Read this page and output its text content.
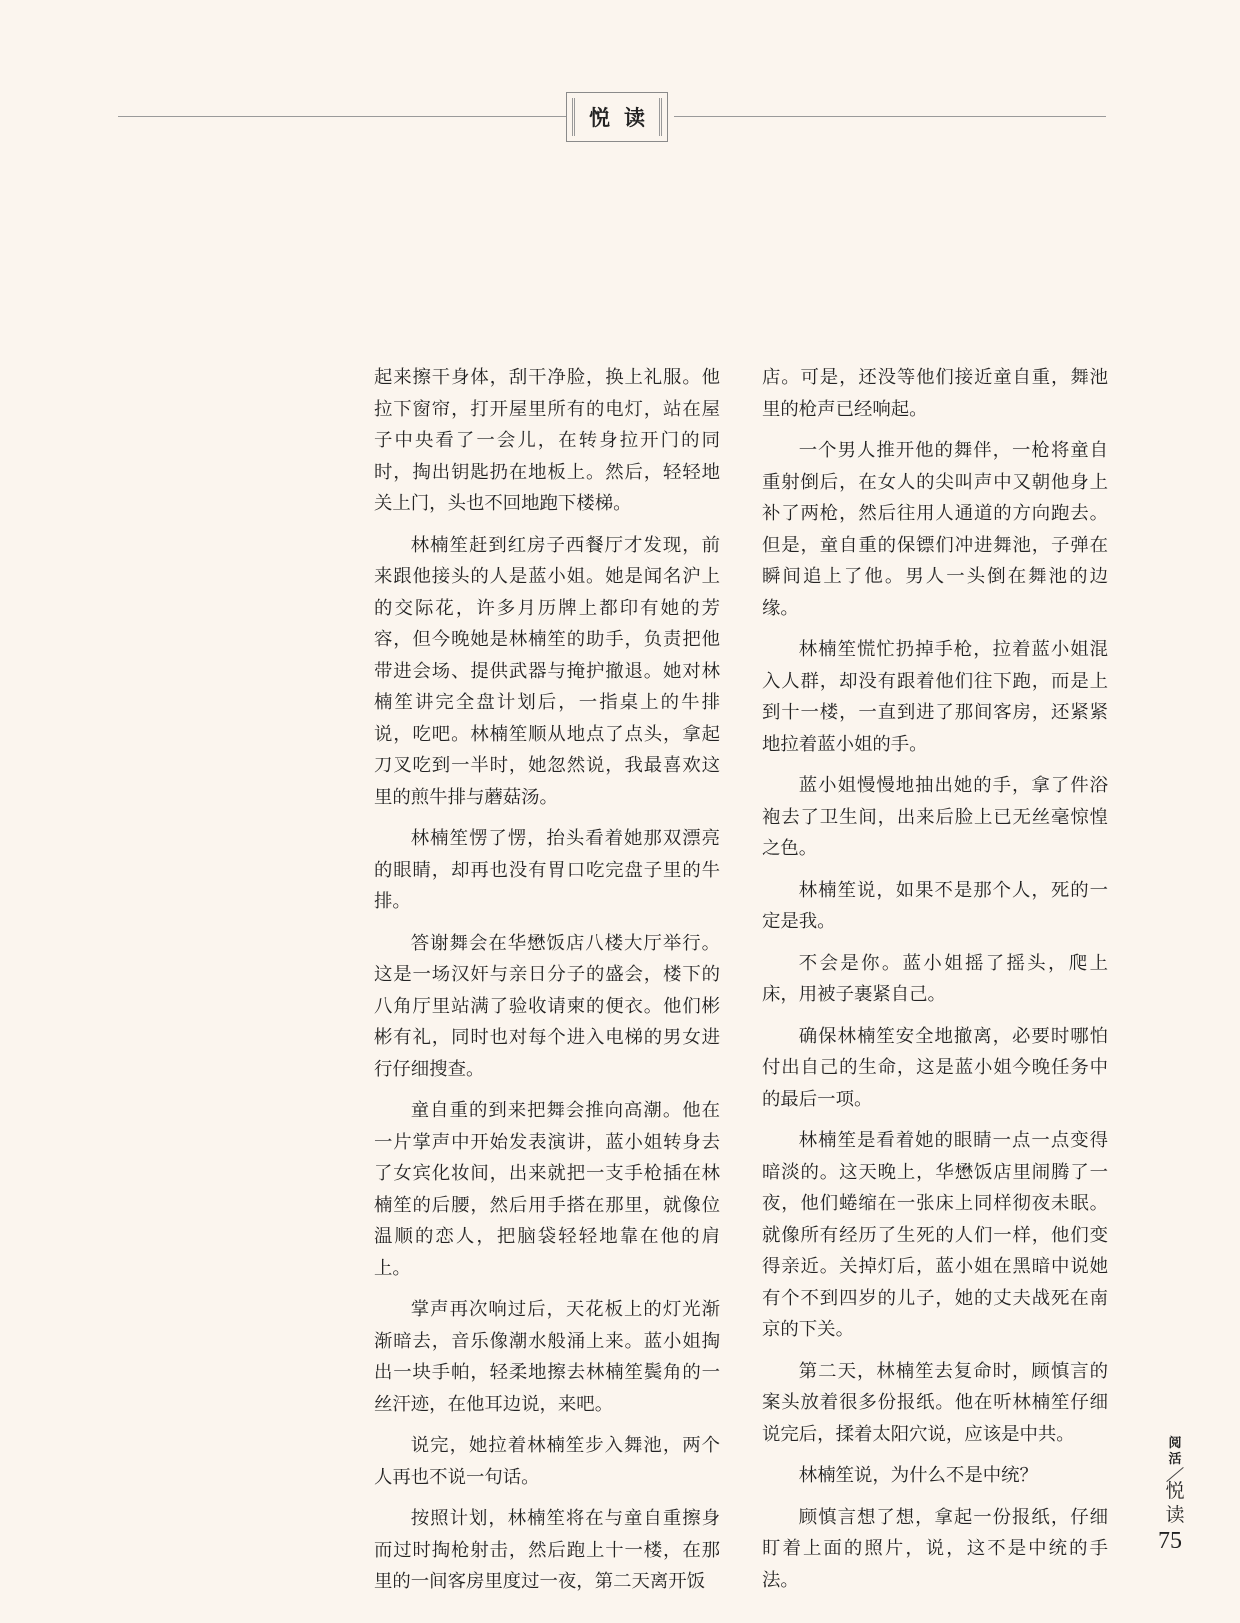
悦读

起来擦干身体，刮干净脸，换上礼服。他拉下窗帘，打开屋里所有的电灯，站在屋子中央看了一会儿，在转身拉开门的同时，掏出钥匙扔在地板上。然后，轻轻地关上门，头也不回地跑下楼梯。

林楠笙赶到红房子西餐厅才发现，前来跟他接头的人是蓝小姐。她是闻名沪上的交际花，许多月历牌上都印有她的芳容，但今晚她是林楠笙的助手，负责把他带进会场、提供武器与掩护撤退。她对林楠笙讲完全盘计划后，一指桌上的牛排说，吃吧。林楠笙顺从地点了点头，拿起刀叉吃到一半时，她忽然说，我最喜欢这里的煎牛排与蘑菇汤。

林楠笙愣了愣，抬头看着她那双漂亮的眼睛，却再也没有胃口吃完盘子里的牛排。

答谢舞会在华懋饭店八楼大厅举行。这是一场汉奸与亲日分子的盛会，楼下的八角厅里站满了验收请柬的便衣。他们彬彬有礼，同时也对每个进入电梯的男女进行仔细搜查。

童自重的到来把舞会推向高潮。他在一片掌声中开始发表演讲，蓝小姐转身去了女宾化妆间，出来就把一支手枪插在林楠笙的后腰，然后用手搭在那里，就像位温顺的恋人，把脑袋轻轻地靠在他的肩上。

掌声再次响过后，天花板上的灯光渐渐暗去，音乐像潮水般涌上来。蓝小姐掏出一块手帕，轻柔地擦去林楠笙鬓角的一丝汗迹，在他耳边说，来吧。

说完，她拉着林楠笙步入舞池，两个人再也不说一句话。

按照计划，林楠笙将在与童自重擦身而过时掏枪射击，然后跑上十一楼，在那里的一间客房里度过一夜，第二天离开饭

店。可是，还没等他们接近童自重，舞池里的枪声已经响起。

一个男人推开他的舞伴，一枪将童自重射倒后，在女人的尖叫声中又朝他身上补了两枪，然后往用人通道的方向跑去。但是，童自重的保镖们冲进舞池，子弹在瞬间追上了他。男人一头倒在舞池的边缘。

林楠笙慌忙扔掉手枪，拉着蓝小姐混入人群，却没有跟着他们往下跑，而是上到十一楼，一直到进了那间客房，还紧紧地拉着蓝小姐的手。

蓝小姐慢慢地抽出她的手，拿了件浴袍去了卫生间，出来后脸上已无丝毫惊惶之色。

林楠笙说，如果不是那个人，死的一定是我。

不会是你。蓝小姐摇了摇头，爬上床，用被子裹紧自己。

确保林楠笙安全地撤离，必要时哪怕付出自己的生命，这是蓝小姐今晚任务中的最后一项。

林楠笙是看着她的眼睛一点一点变得暗淡的。这天晚上，华懋饭店里闹腾了一夜，他们蜷缩在一张床上同样彻夜未眠。就像所有经历了生死的人们一样，他们变得亲近。关掉灯后，蓝小姐在黑暗中说她有个不到四岁的儿子，她的丈夫战死在南京的下关。

第二天，林楠笙去复命时，顾慎言的案头放着很多份报纸。他在听林楠笙仔细说完后，揉着太阳穴说，应该是中共。

林楠笙说，为什么不是中统？

顾慎言想了想，拿起一份报纸，仔细盯着上面的照片，说，这不是中统的手法。

阅
活
悦
读
75
